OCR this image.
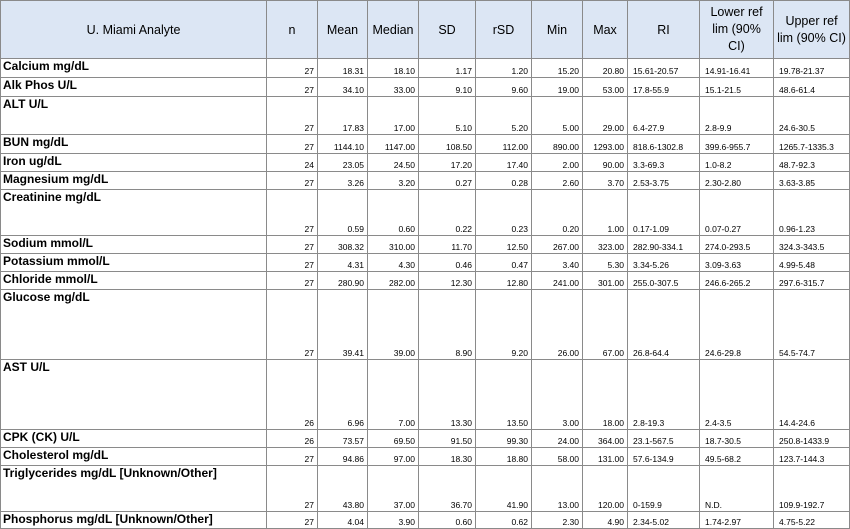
U. Miami Analyte	n	Mean	Median	SD	rSD	Min	Max	RI	Lower ref lim (90% CI)	Upper ref lim (90% CI)
Calcium mg/dL	27	18.31	18.10	1.17	1.20	15.20	20.80	15.61-20.57	14.91-16.41	19.78-21.37
Alk Phos U/L	27	34.10	33.00	9.10	9.60	19.00	53.00	17.8-55.9	15.1-21.5	48.6-61.4
ALT U/L	27	17.83	17.00	5.10	5.20	5.00	29.00	6.4-27.9	2.8-9.9	24.6-30.5
BUN mg/dL	27	1144.10	1147.00	108.50	112.00	890.00	1293.00	818.6-1302.8	399.6-955.7	1265.7-1335.3
Iron ug/dL	24	23.05	24.50	17.20	17.40	2.00	90.00	3.3-69.3	1.0-8.2	48.7-92.3
Magnesium mg/dL	27	3.26	3.20	0.27	0.28	2.60	3.70	2.53-3.75	2.30-2.80	3.63-3.85
Creatinine mg/dL	27	0.59	0.60	0.22	0.23	0.20	1.00	0.17-1.09	0.07-0.27	0.96-1.23
Sodium mmol/L	27	308.32	310.00	11.70	12.50	267.00	323.00	282.90-334.1	274.0-293.5	324.3-343.5
Potassium mmol/L	27	4.31	4.30	0.46	0.47	3.40	5.30	3.34-5.26	3.09-3.63	4.99-5.48
Chloride mmol/L	27	280.90	282.00	12.30	12.80	241.00	301.00	255.0-307.5	246.6-265.2	297.6-315.7
Glucose mg/dL	27	39.41	39.00	8.90	9.20	26.00	67.00	26.8-64.4	24.6-29.8	54.5-74.7
AST U/L	26	6.96	7.00	13.30	13.50	3.00	18.00	2.8-19.3	2.4-3.5	14.4-24.6
CPK (CK) U/L	26	73.57	69.50	91.50	99.30	24.00	364.00	23.1-567.5	18.7-30.5	250.8-1433.9
Cholesterol mg/dL	27	94.86	97.00	18.30	18.80	58.00	131.00	57.6-134.9	49.5-68.2	123.7-144.3
Triglycerides mg/dL [Unknown/Other]	27	43.80	37.00	36.70	41.90	13.00	120.00	0-159.9	N.D.	109.9-192.7
Phosphorus mg/dL [Unknown/Other]	27	4.04	3.90	0.60	0.62	2.30	4.90	2.34-5.02	1.74-2.97	4.75-5.22
